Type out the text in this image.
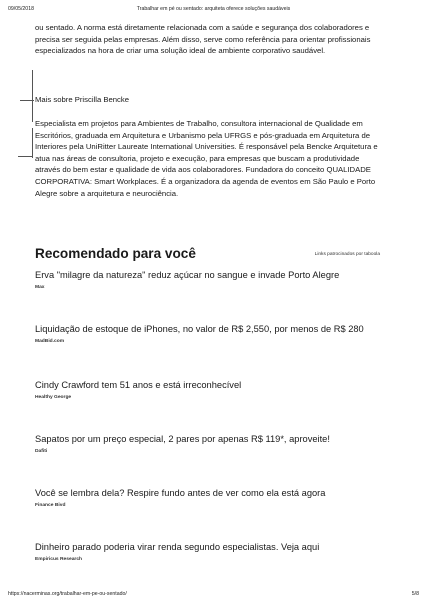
09/05/2018	Trabalhar em pé ou sentado: arquiteta oferece soluções saudáveis

ou sentado. A norma está diretamente relacionada com a saúde e segurança dos colaboradores e precisa ser seguida pelas empresas. Além disso, serve como referência para orientar profissionais especializados na hora de criar uma solução ideal de ambiente corporativo saudável.

Mais sobre Priscilla Bencke

Especialista em projetos para Ambientes de Trabalho, consultora internacional de Qualidade em Escritórios, graduada em Arquitetura e Urbanismo pela UFRGS e pós-graduada em Arquitetura de Interiores pela UniRitter Laureate International Universities. É responsável pela Bencke Arquitetura e atua nas áreas de consultoria, projeto e execução, para empresas que buscam a produtividade através do bem estar e qualidade de vida aos colaboradores. Fundadora do conceito QUALIDADE CORPORATIVA: Smart Workplaces. É a organizadora da agenda de eventos em São Paulo e Porto Alegre sobre a arquitetura e neurociência.

Recomendado para você	Links patrocinados por taboola
Erva "milagre da natureza" reduz açúcar no sangue e invade Porto Alegre
Max
Liquidação de estoque de iPhones, no valor de R$ 2,550, por menos de R$ 280
MadBid.com
Cindy Crawford tem 51 anos e está irreconhecível
Healthy George
Sapatos por um preço especial, 2 pares por apenas R$ 119*, aproveite!
Dafiti
Você se lembra dela? Respire fundo antes de ver como ela está agora
Finance Bivd
Dinheiro parado poderia virar renda segundo especialistas. Veja aqui
Empiricus Research
https://nacerminas.org/trabalhar-em-pe-ou-sentado/	5/8
